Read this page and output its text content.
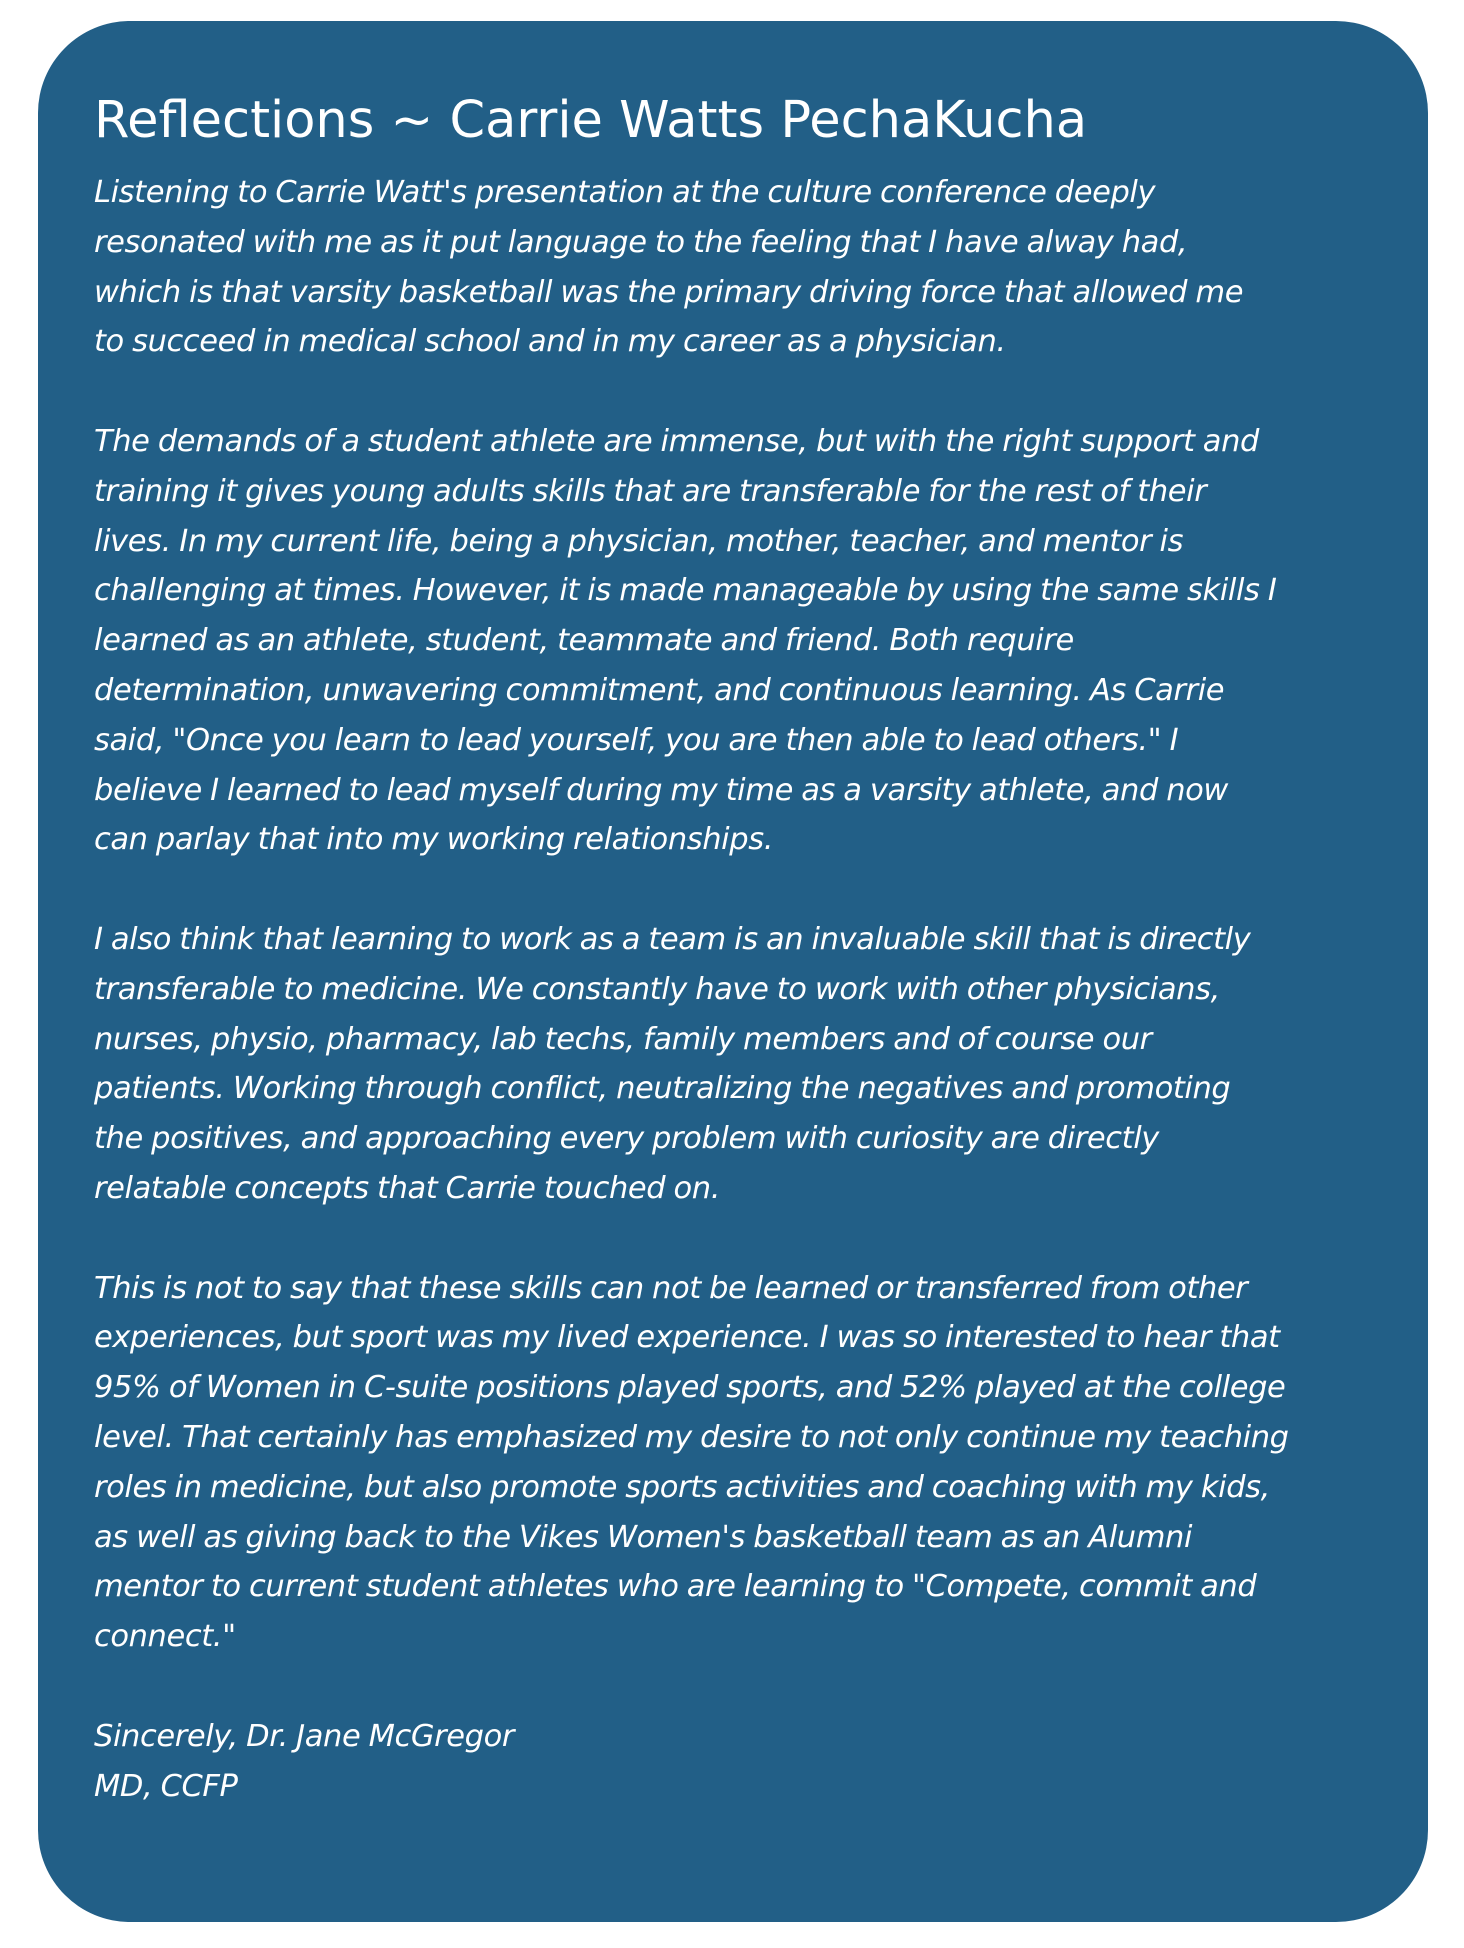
Reflections ~ Carrie Watts PechaKucha

Listening to Carrie Watt's presentation at the culture conference deeply
resonated with me as it put language to the feeling that I have alway had,
which is that varsity basketball was the primary driving force that allowed me
to succeed in medical school and in my career as a physician.

The demands of a student athlete are immense, but with the right support and
training it gives young adults skills that are transferable for the rest of their
lives. In my current life, being a physician, mother, teacher, and mentor is
challenging at times. However, it is made manageable by using the same skills I
learned as an athlete, student, teammate and friend. Both require
determination, unwavering commitment, and continuous learning. As Carrie
said, "Once you learn to lead yourself, you are then able to lead others." I
believe I learned to lead myself during my time as a varsity athlete, and now
can parlay that into my working relationships.

I also think that learning to work as a team is an invaluable skill that is directly
transferable to medicine. We constantly have to work with other physicians,
nurses, physio, pharmacy, lab techs, family members and of course our
patients. Working through conflict, neutralizing the negatives and promoting
the positives, and approaching every problem with curiosity are directly
relatable concepts that Carrie touched on.

This is not to say that these skills can not be learned or transferred from other
experiences, but sport was my lived experience. I was so interested to hear that
95% of Women in C-suite positions played sports, and 52% played at the college
level. That certainly has emphasized my desire to not only continue my teaching
roles in medicine, but also promote sports activities and coaching with my kids,
as well as giving back to the Vikes Women's basketball team as an Alumni
mentor to current student athletes who are learning to "Compete, commit and
connect."

Sincerely, Dr. Jane McGregor
MD, CCFP
